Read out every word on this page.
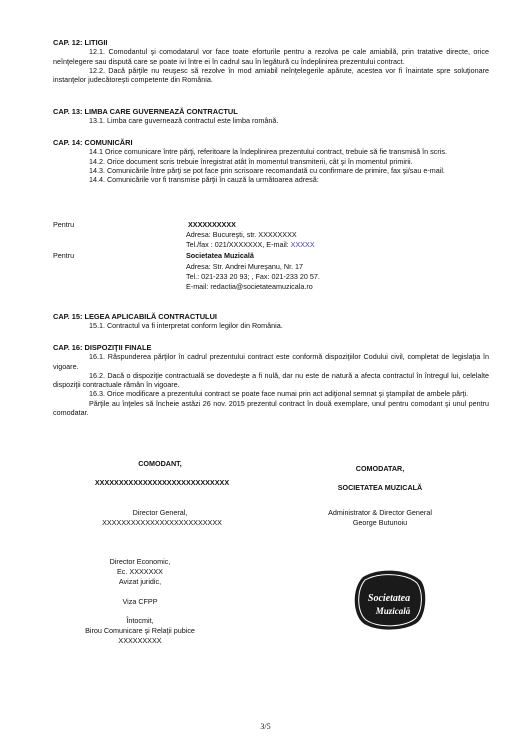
CAP. 12: LITIGII

12.1. Comodantul şi comodatarul vor face toate eforturile pentru a rezolva pe cale amiabilă, prin tratative directe, orice neînţelegere sau dispută care se poate ivi între ei în cadrul sau în legătură cu îndeplinirea prezentului contract.

12.2. Dacă părţile nu reuşesc să rezolve în mod amiabil neînţelegerile apărute, acestea vor fi înaintate spre soluţionare instanţelor judecătoreşti competente din România.

CAP. 13: LIMBA CARE GUVERNEAZĂ CONTRACTUL

13.1. Limba care guvernează contractul este limba română.

CAP. 14: COMUNICĂRI

14.1 Orice comunicare între părţi, referitoare la îndeplinirea prezentului contract, trebuie să fie transmisă în scris.

14.2. Orice document scris trebuie înregistrat atât în momentul transmiterii, cât şi în momentul primirii.

14.3. Comunicările între părţi se pot face prin scrisoare recomandată cu confirmare de primire, fax şi/sau e-mail.

14.4. Comunicările vor fi transmise părţii în cauză la următoarea adresă:

Pentru	XXXXXXXXXX
Adresa: Bucureşti, str. XXXXXXXX
Tel./fax : 021/XXXXXXX, E-mail: XXXXX
Pentru	Societatea Muzicală
Adresa: Str. Andrei Mureşanu, Nr. 17
Tel.: 021-233 20 93; , Fax: 021-233 20 57.
E-mail: redactia@societateamuzicala.ro
CAP. 15: LEGEA APLICABILĂ CONTRACTULUI

15.1. Contractul va fi interpretat conform legilor din România.

CAP. 16: DISPOZIŢII FINALE

16.1. Răspunderea părţilor în cadrul prezentului contract este conformă dispoziţiilor Codului civil, completat de legislaţia în vigoare.

16.2. Dacă o dispoziţie contractuală se dovedeşte a fi nulă, dar nu este de natură a afecta contractul în întregul lui, celelalte dispoziţii contractuale rămân în vigoare.

16.3. Orice modificare a prezentului contract se poate face numai prin act adiţional semnat şi ştampilat de ambele părţi.

Părţile au înţeles să încheie astăzi 26 nov. 2015 prezentul contract în două exemplare, unul pentru comodant şi unul pentru comodatar.

COMODANT,
XXXXXXXXXXXXXXXXXXXXXXXXXXXX
COMODATAR,
SOCIETATEA MUZICALĂ
Director General,
XXXXXXXXXXXXXXXXXXXXXXXXX
Administrator & Director General
George Butunoiu
Director Economic,
Ec. XXXXXXX
Avizat juridic,
Viza CFPP
Întocmit,
Birou Comunicare şi Relaţii pubice
XXXXXXXXX
Societatea
Muzicală
3/5
